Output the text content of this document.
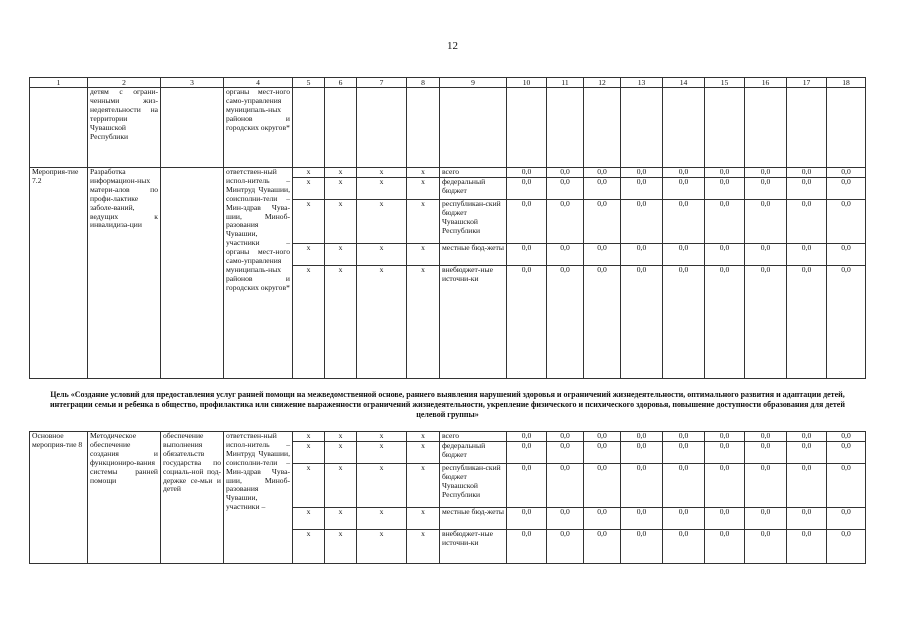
12
1	2	3	4	5	6	7	8	9	10	11	12	13	14	15	16	17	18
	детям с ограни-ченными жиз-недеятельности на территории Чувашской Республики		органы мест-ного само-управления муниципаль-ных районов и городских округов*														
Мероприя-тие 7.2	Разработка информацион-ных матери-алов по профи-лактике заболе-ваний, ведущих к инвалидиза-ции		ответствен-ный испол-нитель – Минтруд Чувашии, соисполни-тели – Мин-здрав Чува-шии, Миноб-разования Чувашии, участники – органы мест-ного само-управления муниципаль-ных районов и городских округов*	х	х	х	х	всего	0,0	0,0	0,0	0,0	0,0	0,0	0,0	0,0	0,0
				х	х	х	х	федеральный бюджет	0,0	0,0	0,0	0,0	0,0	0,0	0,0	0,0	0,0
				х	х	х	х	республикан-ский бюджет Чувашской Республики	0,0	0,0	0,0	0,0	0,0	0,0	0,0	0,0	0,0
				х	х	х	х	местные бюд-жеты	0,0	0,0	0,0	0,0	0,0	0,0	0,0	0,0	0,0
				х	х	х	х	внебюджет-ные источни-ки	0,0	0,0	0,0	0,0	0,0	0,0	0,0	0,0	0,0
Цель «Создание условий для предоставления услуг ранней помощи на межведомственной основе, раннего выявления нарушений здоровья и ограничений жизнедеятельности, оптимального развития и адаптации детей, интеграции семьи и ребенка в общество, профилактика или снижение выраженности ограничений жизнедеятельности, укрепление физического и психического здоровья, повышение доступности образования для детей целевой группы»																	
Основное мероприя-тие 8	Методическое обеспечение создания и функциониро-вания системы ранней помощи	обеспечение выполнения обязательств государства по социаль-ной под-держке се-мьи и детей	ответствен-ный испол-нитель – Минтруд Чувашии, соисполни-тели – Мин-здрав Чува-шии, Миноб-разования Чувашии, участники –	х	х	х	х	всего	0,0	0,0	0,0	0,0	0,0	0,0	0,0	0,0	0,0
				х	х	х	х	федеральный бюджет	0,0	0,0	0,0	0,0	0,0	0,0	0,0	0,0	0,0
				х	х	х	х	республикан-ский бюджет Чувашской Республики	0,0	0,0	0,0	0,0	0,0	0,0	0,0	0,0	0,0
				х	х	х	х	местные бюд-жеты	0,0	0,0	0,0	0,0	0,0	0,0	0,0	0,0	0,0
				х	х	х	х	внебюджет-ные источни-ки	0,0	0,0	0,0	0,0	0,0	0,0	0,0	0,0	0,0
